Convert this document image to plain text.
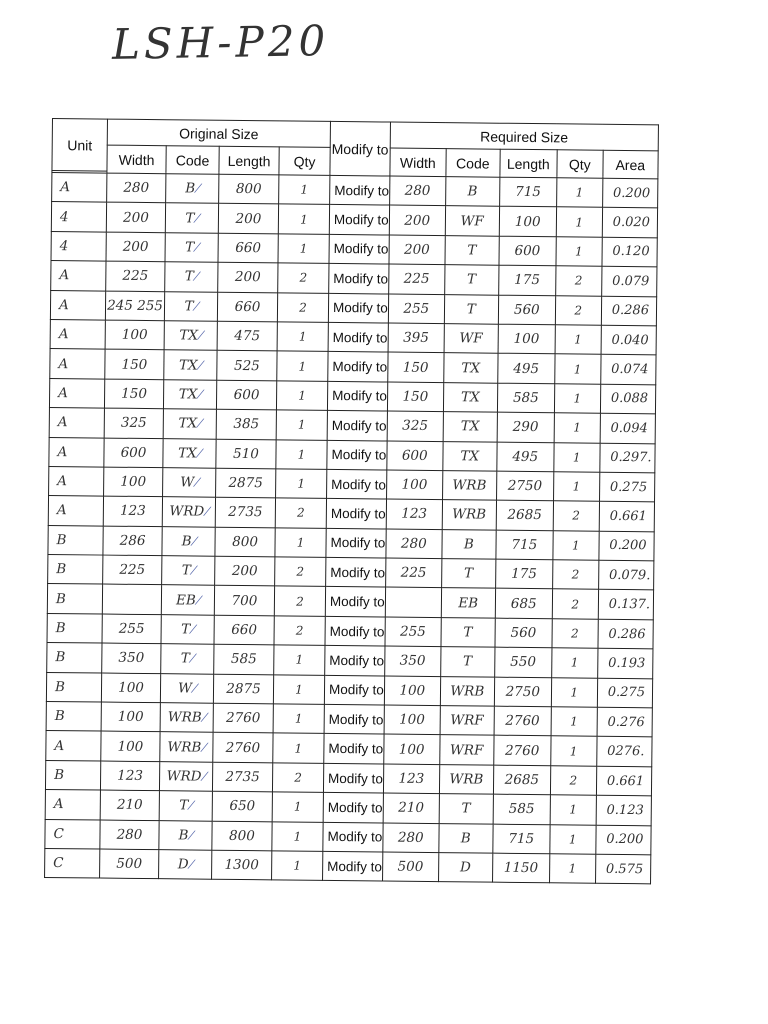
LSH-P20
Unit	Original Size				Modify to	Required Size				
	Width	Code	Length	Qty		Width	Code	Length	Qty	Area

A	280	B ⁄	800	1	Modify to	280	B	715	1	0.200
4	200	T ⁄	200	1	Modify to	200	WF	100	1	0.020
4	200	T ⁄	660	1	Modify to	200	T	600	1	0.120
A	225	T ⁄	200	2	Modify to	225	T	175	2	0.079
A	245 255	T ⁄	660	2	Modify to	255	T	560	2	0.286
A	100	TX ⁄	475	1	Modify to	395	WF	100	1	0.040
A	150	TX ⁄	525	1	Modify to	150	TX	495	1	0.074
A	150	TX ⁄	600	1	Modify to	150	TX	585	1	0.088
A	325	TX ⁄	385	1	Modify to	325	TX	290	1	0.094
A	600	TX ⁄	510	1	Modify to	600	TX	495	1	0.297.
A	100	W ⁄	2875	1	Modify to	100	WRB	2750	1	0.275
A	123	WRD ⁄	2735	2	Modify to	123	WRB	2685	2	0.661
B	286	B ⁄	800	1	Modify to	280	B	715	1	0.200
B	225	T ⁄	200	2	Modify to	225	T	175	2	0.079.
B		EB ⁄	700	2	Modify to		EB	685	2	0.137.
B	255	T ⁄	660	2	Modify to	255	T	560	2	0.286
B	350	T ⁄	585	1	Modify to	350	T	550	1	0.193
B	100	W ⁄	2875	1	Modify to	100	WRB	2750	1	0.275
B	100	WRB ⁄	2760	1	Modify to	100	WRF	2760	1	0.276
A	100	WRB ⁄	2760	1	Modify to	100	WRF	2760	1	0276.
B	123	WRD ⁄	2735	2	Modify to	123	WRB	2685	2	0.661
A	210	T ⁄	650	1	Modify to	210	T	585	1	0.123
C	280	B ⁄	800	1	Modify to	280	B	715	1	0.200
C	500	D ⁄	1300	1	Modify to	500	D	1150	1	0.575
